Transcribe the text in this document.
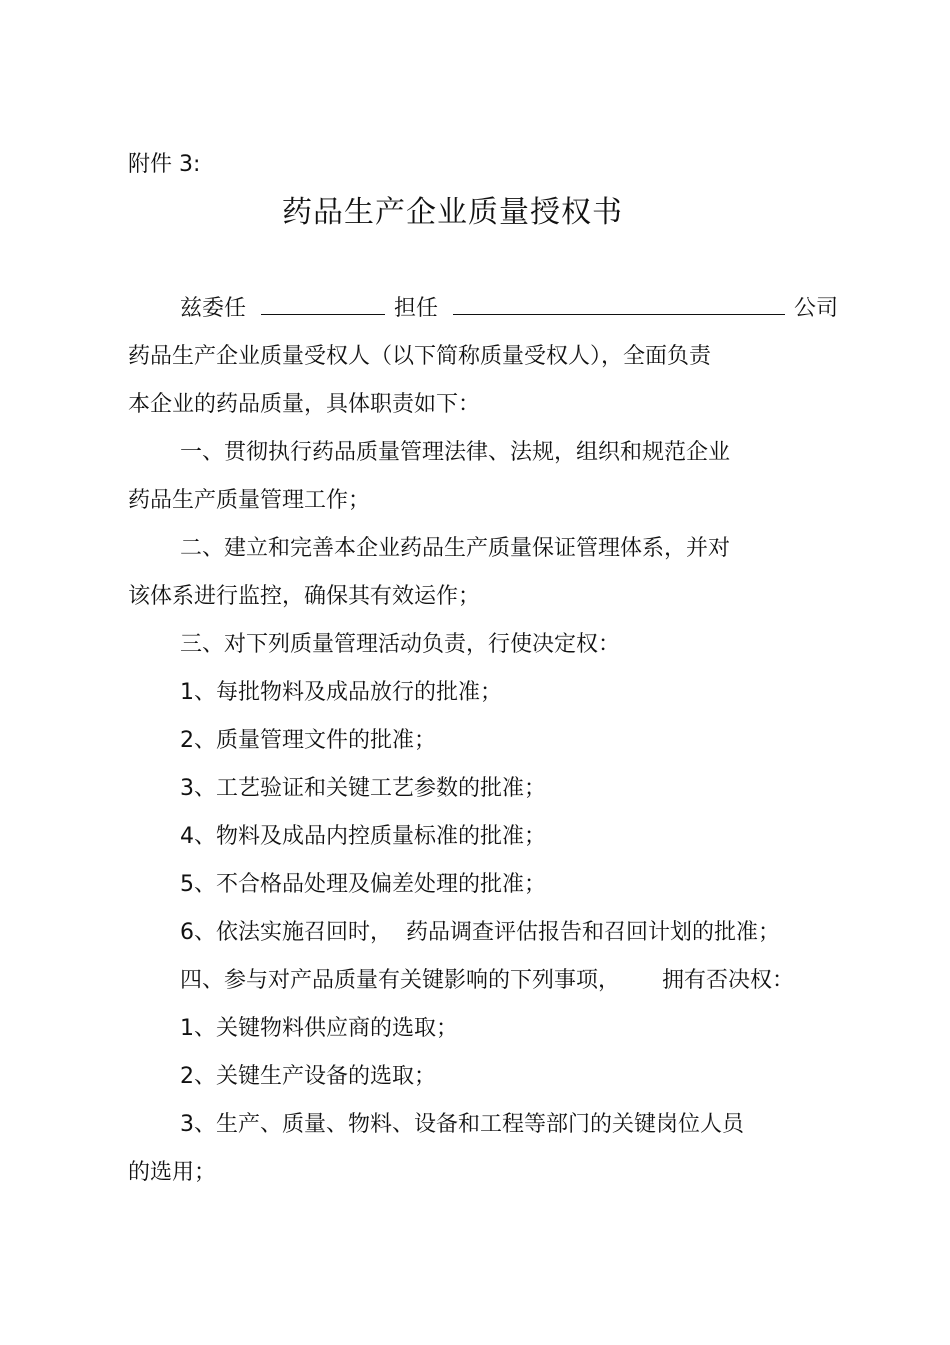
附件 3:
药品生产企业质量授权书
兹委任	担任	公司
药品生产企业质量受权人（以下简称质量受权人），全面负责
本企业的药品质量，具体职责如下：
一、贯彻执行药品质量管理法律、法规，组织和规范企业
药品生产质量管理工作；
二、建立和完善本企业药品生产质量保证管理体系，并对
该体系进行监控，确保其有效运作；
三、对下列质量管理活动负责，行使决定权：
1、每批物料及成品放行的批准；
2、质量管理文件的批准；
3、工艺验证和关键工艺参数的批准；
4、物料及成品内控质量标准的批准；
5、不合格品处理及偏差处理的批准；
6、依法实施召回时，  药品调查评估报告和召回计划的批准；
四、参与对产品质量有关键影响的下列事项，      拥有否决权：
1、关键物料供应商的选取；
2、关键生产设备的选取；
3、生产、质量、物料、设备和工程等部门的关键岗位人员
的选用；
